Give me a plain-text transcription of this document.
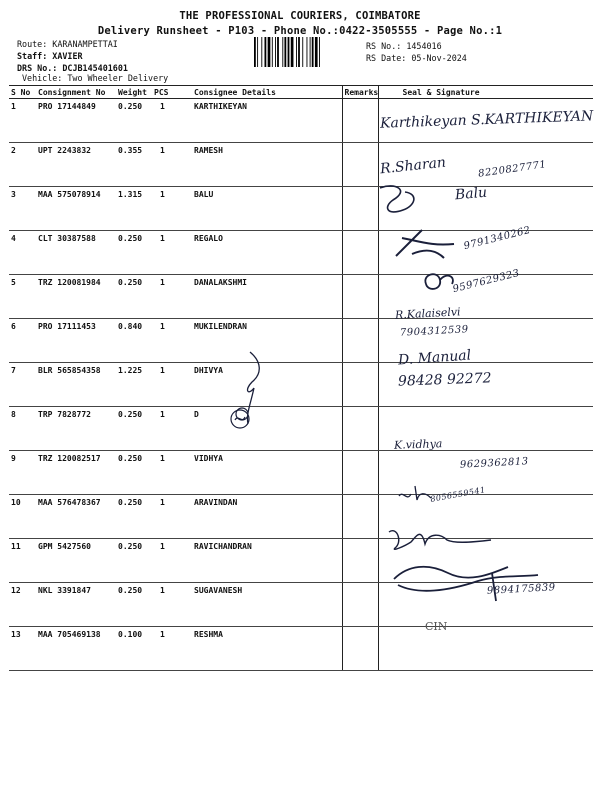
THE PROFESSIONAL COURIERS, COIMBATORE
Delivery Runsheet - P103 - Phone No.:0422-3505555 - Page No.:1
Route: KARANAMPETTAI
Staff: XAVIER
DRS No.: DCJB145401601
Vehicle: Two Wheeler Delivery
RS No.: 1454016
RS Date: 05-Nov-2024
S No	Consignment No	Weight	PCS	Consignee Details	Remarks	Seal & Signature
1	PRO 17144849	0.250	1	KARTHIKEYAN		
2	UPT 2243832	0.355	1	RAMESH		
3	MAA 575078914	1.315	1	BALU		
4	CLT 30387588	0.250	1	REGALO		
5	TRZ 120081984	0.250	1	DANALAKSHMI		
6	PRO 17111453	0.840	1	MUKILENDRAN		
7	BLR 565854358	1.225	1	DHIVYA		
8	TRP 7828772	0.250	1	D		
9	TRZ 120082517	0.250	1	VIDHYA		
10	MAA 576478367	0.250	1	ARAVINDAN		
11	GPM 5427560	0.250	1	RAVICHANDRAN		
12	NKL 3391847	0.250	1	SUGAVANESH		
13	MAA 705469138	0.100	1	RESHMA		
Karthikeyan S.KARTHIKEYAN
R.Sharan	8220827771
Balu
9791340262
9597629323
R.Kalaiselvi
7904312539
D. Manual
98428 92272
K.vidhya
9629362813
8056559541
9894175839
CIN
